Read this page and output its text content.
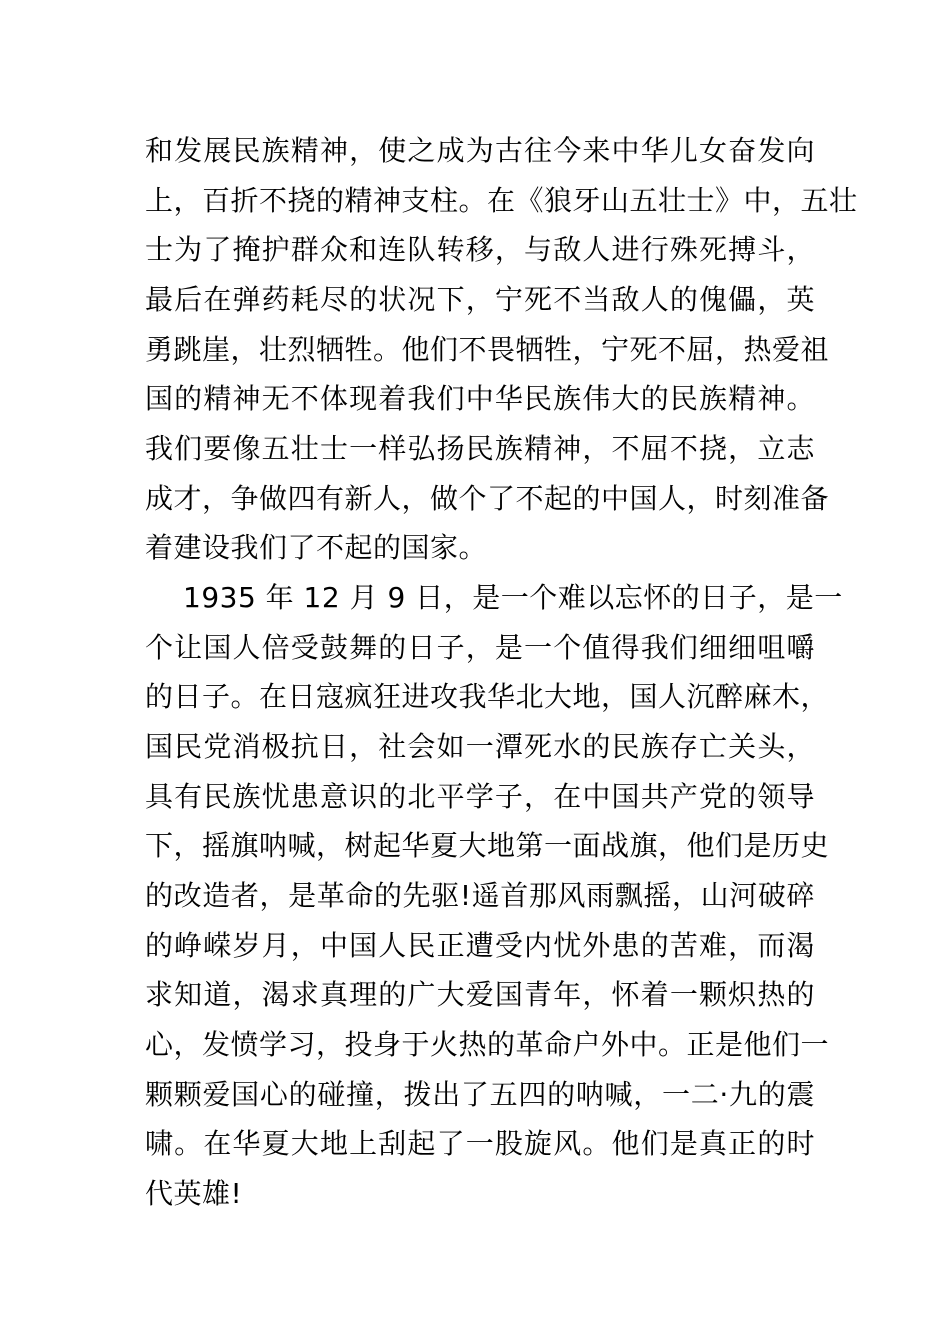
和发展民族精神，使之成为古往今来中华儿女奋发向
上，百折不挠的精神支柱。在《狼牙山五壮士》中，五壮
士为了掩护群众和连队转移，与敌人进行殊死搏斗，
最后在弹药耗尽的状况下，宁死不当敌人的傀儡，英
勇跳崖，壮烈牺牲。他们不畏牺牲，宁死不屈，热爱祖
国的精神无不体现着我们中华民族伟大的民族精神。
我们要像五壮士一样弘扬民族精神，不屈不挠，立志
成才，争做四有新人，做个了不起的中国人，时刻准备
着建设我们了不起的国家。
1935 年 12 月 9 日，是一个难以忘怀的日子，是一
个让国人倍受鼓舞的日子，是一个值得我们细细咀嚼
的日子。在日寇疯狂进攻我华北大地，国人沉醉麻木，
国民党消极抗日，社会如一潭死水的民族存亡关头，
具有民族忧患意识的北平学子，在中国共产党的领导
下，摇旗呐喊，树起华夏大地第一面战旗，他们是历史
的改造者，是革命的先驱!遥首那风雨飘摇，山河破碎
的峥嵘岁月，中国人民正遭受内忧外患的苦难，而渴
求知道，渴求真理的广大爱国青年，怀着一颗炽热的
心，发愤学习，投身于火热的革命户外中。正是他们一
颗颗爱国心的碰撞，拨出了五四的呐喊，一二·九的震
啸。在华夏大地上刮起了一股旋风。他们是真正的时
代英雄!
